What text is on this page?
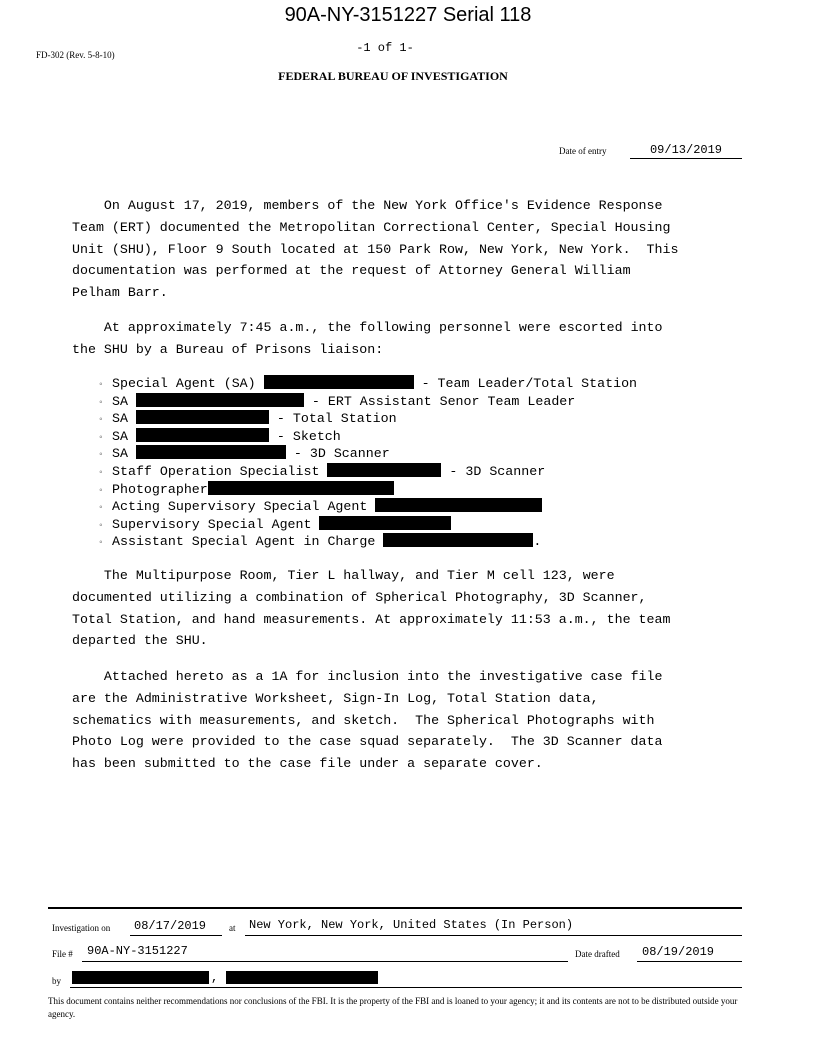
90A-NY-3151227 Serial 118
-1 of 1-
FD-302 (Rev. 5-8-10)
FEDERAL BUREAU OF INVESTIGATION
Date of entry	09/13/2019
On August 17, 2019, members of the New York Office's Evidence Response
Team (ERT) documented the Metropolitan Correctional Center, Special Housing
Unit (SHU), Floor 9 South located at 150 Park Row, New York, New York.  This
documentation was performed at the request of Attorney General William
Pelham Barr.
At approximately 7:45 a.m., the following personnel were escorted into
the SHU by a Bureau of Prisons liaison:
◦ Special Agent (SA)	- Team Leader/Total Station
◦ SA	- ERT Assistant Senor Team Leader
◦ SA	- Total Station
◦ SA	- Sketch
◦ SA	- 3D Scanner
◦ Staff Operation Specialist	- 3D Scanner
◦ Photographer
◦ Acting Supervisory Special Agent
◦ Supervisory Special Agent
◦ Assistant Special Agent in Charge	.
The Multipurpose Room, Tier L hallway, and Tier M cell 123, were
documented utilizing a combination of Spherical Photography, 3D Scanner,
Total Station, and hand measurements. At approximately 11:53 a.m., the team
departed the SHU.
Attached hereto as a 1A for inclusion into the investigative case file
are the Administrative Worksheet, Sign-In Log, Total Station data,
schematics with measurements, and sketch.  The Spherical Photographs with
Photo Log were provided to the case squad separately.  The 3D Scanner data
has been submitted to the case file under a separate cover.
Investigation on 08/17/2019	at New York, New York, United States (In Person)
File # 90A-NY-3151227	Date drafted 08/19/2019
by	,
This document contains neither recommendations nor conclusions of the FBI. It is the property of the FBI and is loaned to your agency; it and its contents are not to be distributed outside your agency.
